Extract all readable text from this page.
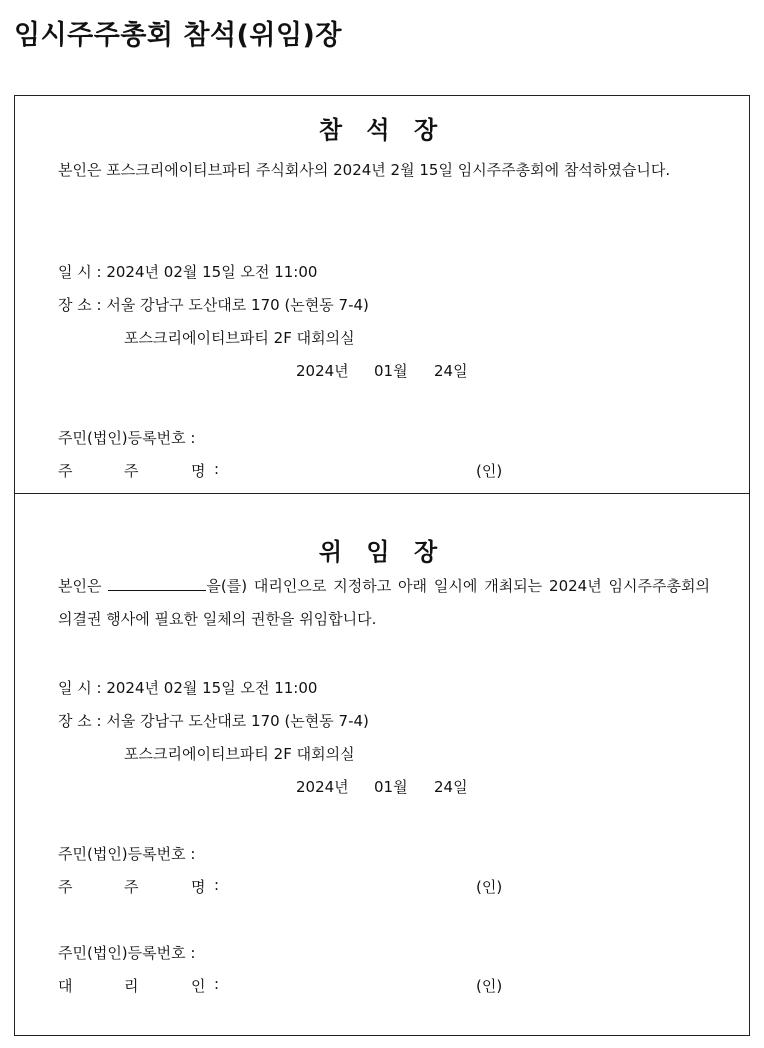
임시주주총회 참석(위임)장
참 석 장
본인은 포스크리에이티브파티 주식회사의 2024년 2월 15일 임시주주총회에 참석하였습니다.
일 시 : 2024년 02월 15일 오전 11:00
장 소 : 서울 강남구 도산대로 170 (논현동 7-4)
포스크리에이티브파티 2F 대회의실
2024년 01월 24일
주민(법인)등록번호 :
주	주	명 :	(인)
위 임 장
본인은	을(를) 대리인으로 지정하고 아래 일시에 개최되는 2024년 임시주주총회의 의결권 행사에 필요한 일체의 권한을 위임합니다.
일 시 : 2024년 02월 15일 오전 11:00
장 소 : 서울 강남구 도산대로 170 (논현동 7-4)
포스크리에이티브파티 2F 대회의실
2024년 01월 24일
주민(법인)등록번호 :
주	주	명 :	(인)
주민(법인)등록번호 :
대	리	인 :	(인)
